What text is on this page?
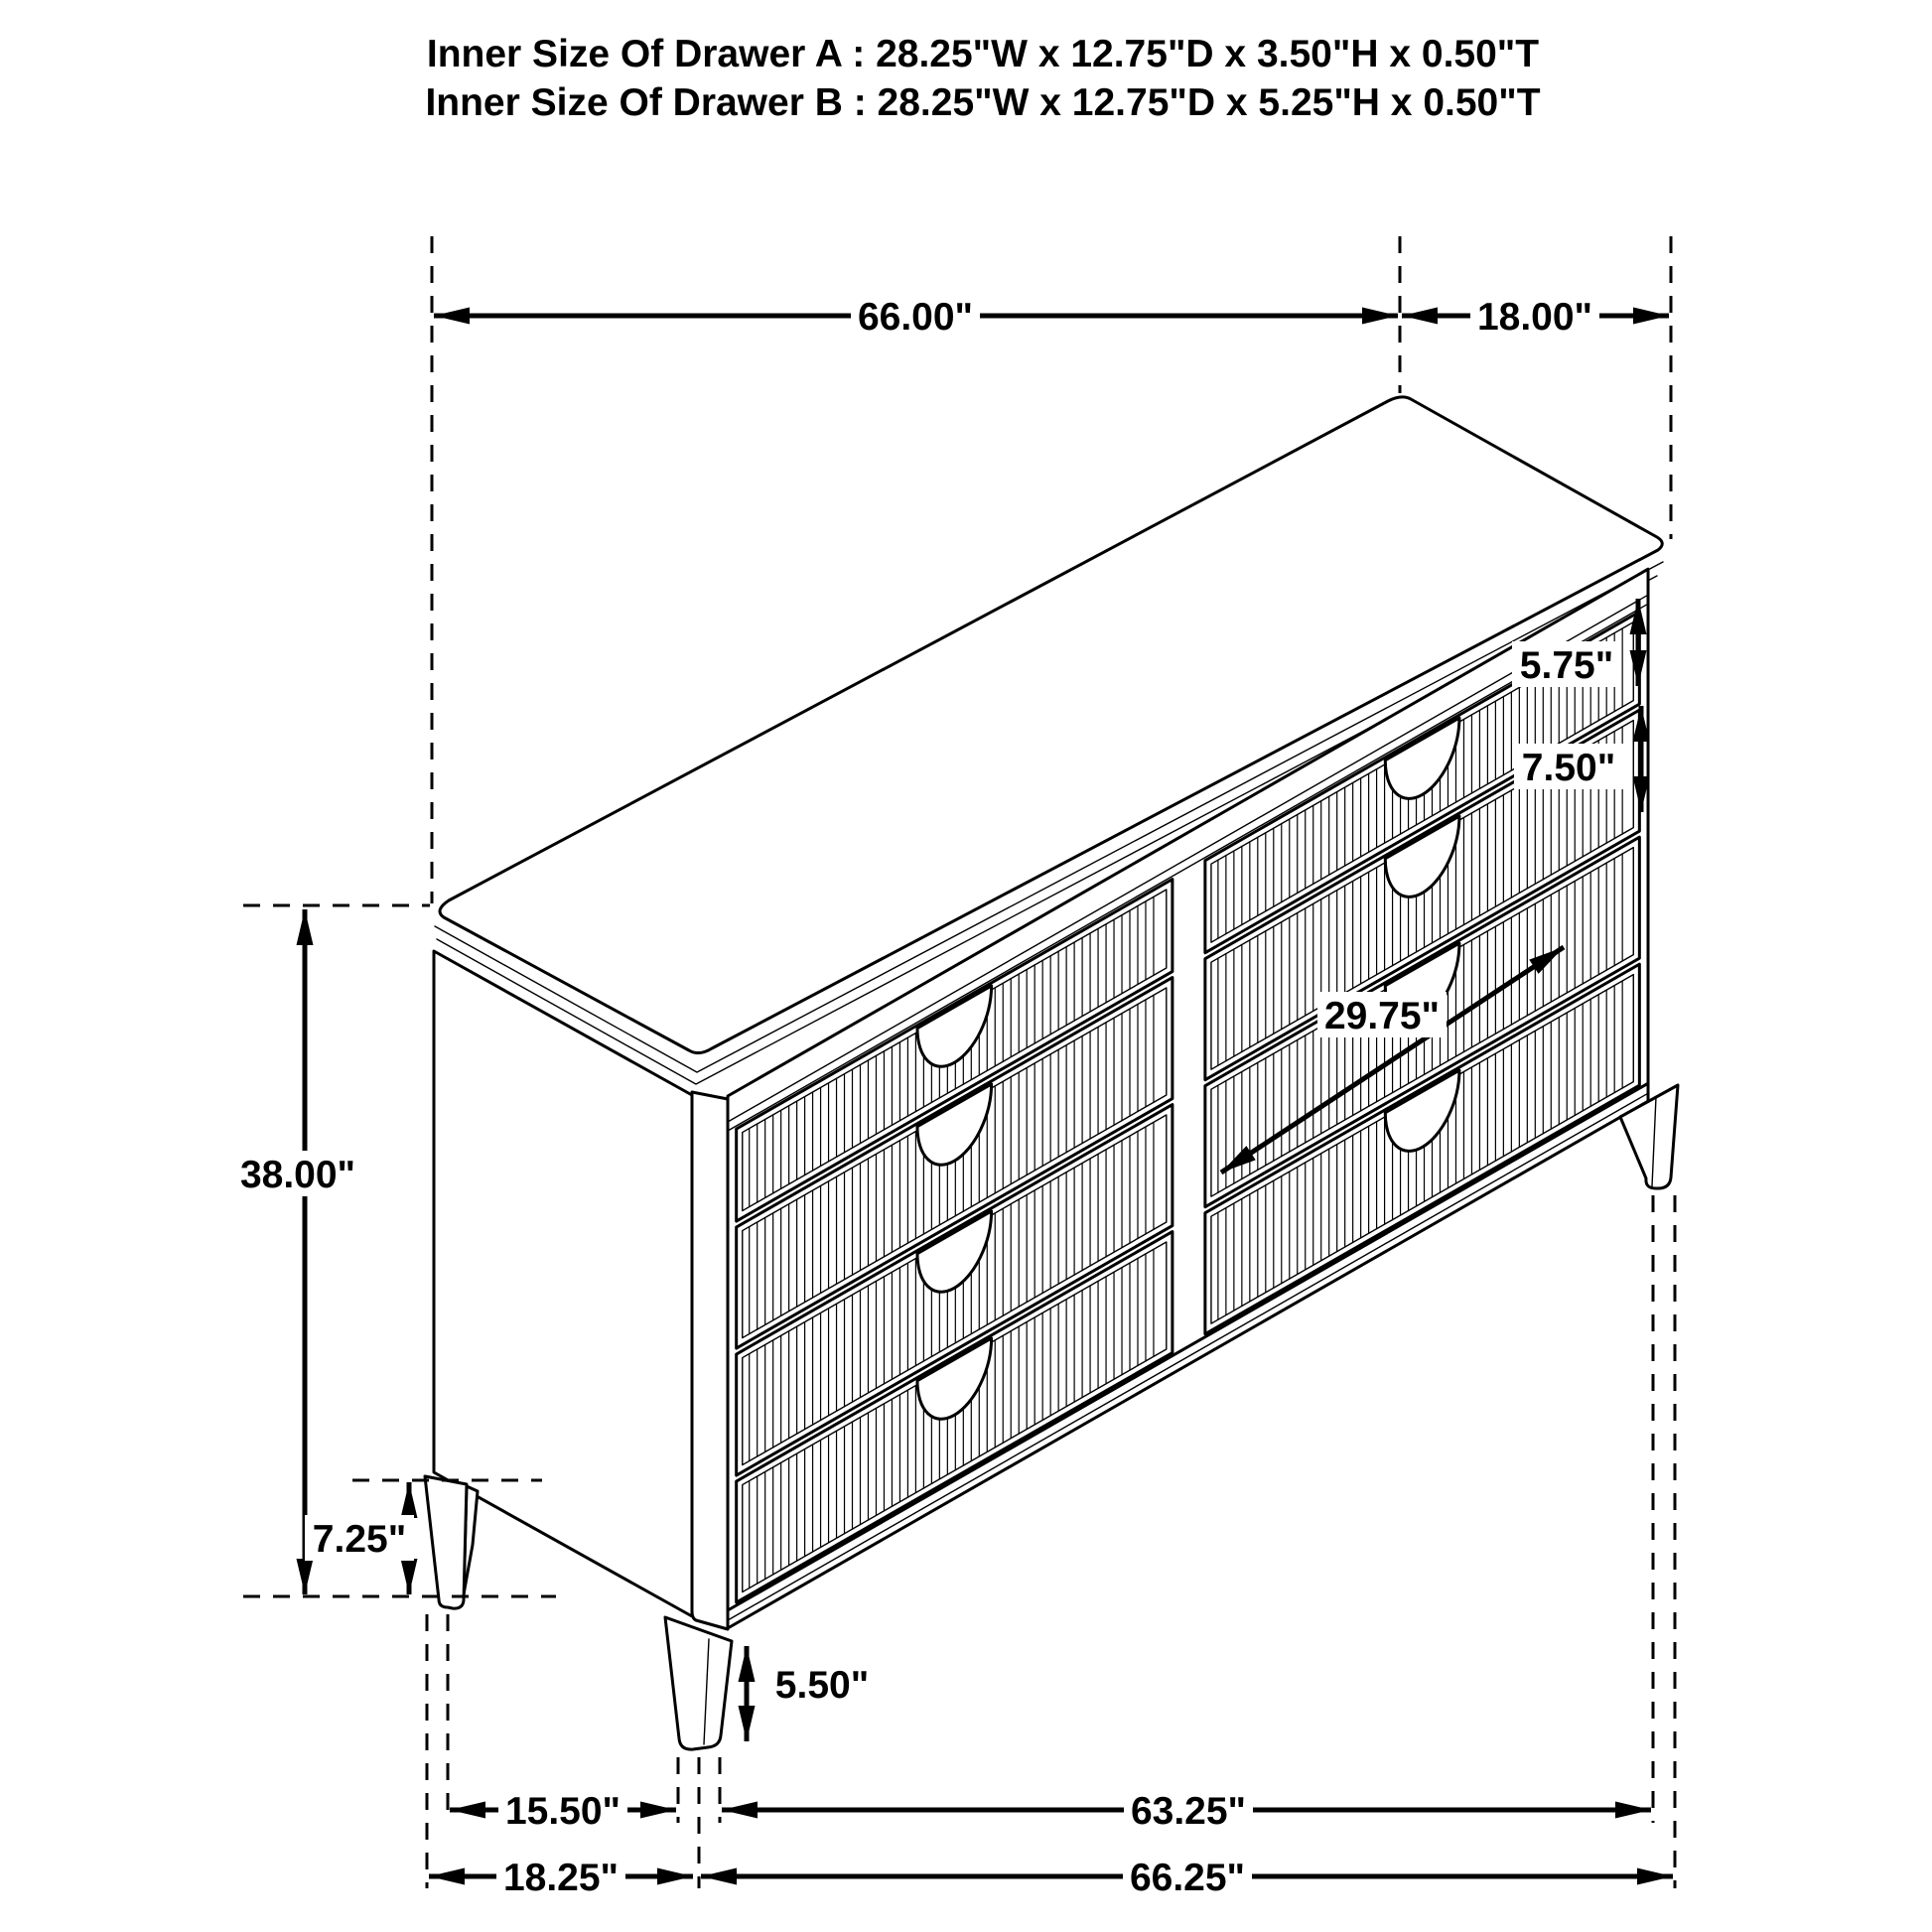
Inner Size Of Drawer A : 28.25"W x 12.75"D x 3.50"H x 0.50"T
Inner Size Of Drawer B : 28.25"W x 12.75"D x 5.25"H x 0.50"T
66.00"	18.00"
38.00"
7.25"
5.75"
7.50"
29.75"
5.50"
15.50"	63.25"
18.25"	66.25"
